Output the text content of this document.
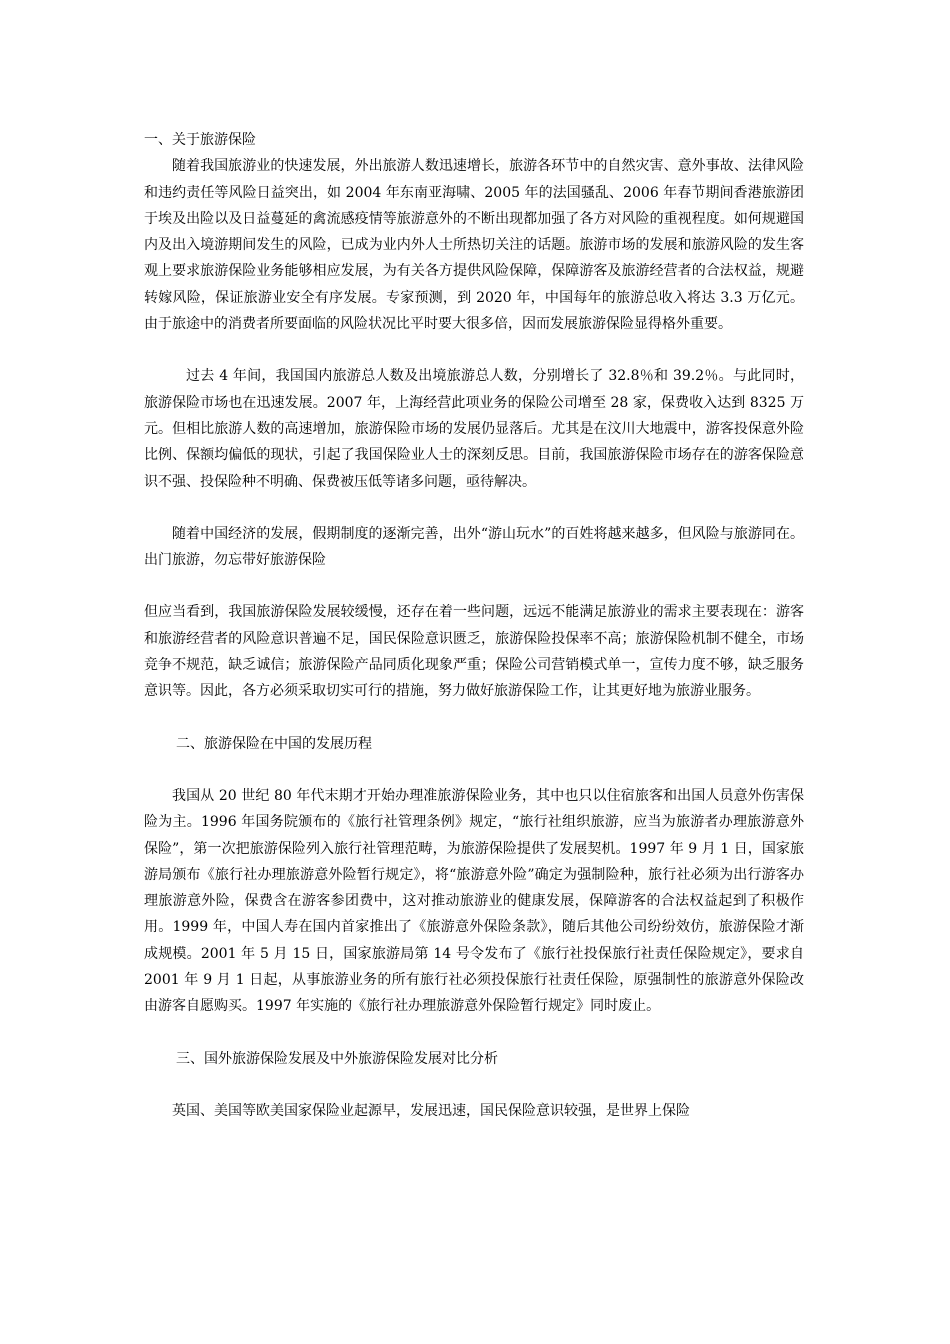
一、关于旅游保险

随着我国旅游业的快速发展，外出旅游人数迅速增长，旅游各环节中的自然灾害、意外事故、法律风险和违约责任等风险日益突出，如 2004 年东南亚海啸、2005 年的法国骚乱、2006 年春节期间香港旅游团于埃及出险以及日益蔓延的禽流感疫情等旅游意外的不断出现都加强了各方对风险的重视程度。如何规避国内及出入境游期间发生的风险，已成为业内外人士所热切关注的话题。旅游市场的发展和旅游风险的发生客观上要求旅游保险业务能够相应发展，为有关各方提供风险保障，保障游客及旅游经营者的合法权益，规避转嫁风险，保证旅游业安全有序发展。专家预测，到 2020 年，中国每年的旅游总收入将达 3.3 万亿元。由于旅途中的消费者所要面临的风险状况比平时要大很多倍，因而发展旅游保险显得格外重要。

过去 4 年间，我国国内旅游总人数及出境旅游总人数，分别增长了 32.8％和 39.2％。与此同时，旅游保险市场也在迅速发展。2007 年，上海经营此项业务的保险公司增至 28 家，保费收入达到 8325 万元。但相比旅游人数的高速增加，旅游保险市场的发展仍显落后。尤其是在汶川大地震中，游客投保意外险比例、保额均偏低的现状，引起了我国保险业人士的深刻反思。目前，我国旅游保险市场存在的游客保险意识不强、投保险种不明确、保费被压低等诸多问题，亟待解决。

随着中国经济的发展，假期制度的逐渐完善，出外“游山玩水”的百姓将越来越多，但风险与旅游同在。出门旅游，勿忘带好旅游保险

但应当看到，我国旅游保险发展较缓慢，还存在着一些问题，远远不能满足旅游业的需求主要表现在：游客和旅游经营者的风险意识普遍不足，国民保险意识匮乏，旅游保险投保率不高；旅游保险机制不健全，市场竞争不规范，缺乏诚信；旅游保险产品同质化现象严重；保险公司营销模式单一，宣传力度不够，缺乏服务意识等。因此，各方必须采取切实可行的措施，努力做好旅游保险工作，让其更好地为旅游业服务。

二、旅游保险在中国的发展历程

我国从 20 世纪 80 年代末期才开始办理准旅游保险业务，其中也只以住宿旅客和出国人员意外伤害保险为主。1996 年国务院颁布的《旅行社管理条例》规定，“旅行社组织旅游，应当为旅游者办理旅游意外保险”，第一次把旅游保险列入旅行社管理范畴，为旅游保险提供了发展契机。1997 年 9 月 1 日，国家旅游局颁布《旅行社办理旅游意外险暂行规定》，将“旅游意外险”确定为强制险种，旅行社必须为出行游客办理旅游意外险，保费含在游客参团费中，这对推动旅游业的健康发展，保障游客的合法权益起到了积极作用。1999 年，中国人寿在国内首家推出了《旅游意外保险条款》，随后其他公司纷纷效仿，旅游保险才渐成规模。2001 年 5 月 15 日，国家旅游局第 14 号令发布了《旅行社投保旅行社责任保险规定》，要求自 2001 年 9 月 1 日起，从事旅游业务的所有旅行社必须投保旅行社责任保险，原强制性的旅游意外保险改由游客自愿购买。1997 年实施的《旅行社办理旅游意外保险暂行规定》同时废止。

三、国外旅游保险发展及中外旅游保险发展对比分析

英国、美国等欧美国家保险业起源早，发展迅速，国民保险意识较强，是世界上保险
